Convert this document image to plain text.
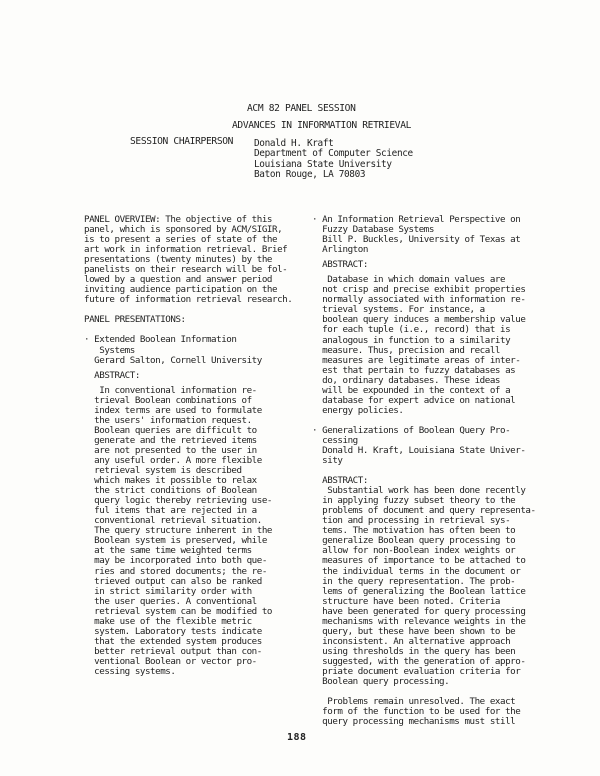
ACM 82 PANEL SESSION
ADVANCES IN INFORMATION RETRIEVAL
SESSION CHAIRPERSON Donald H. Kraft
Department of Computer Science
Louisiana State University
Baton Rouge, LA 70803
PANEL OVERVIEW: The objective of this
panel, which is sponsored by ACM/SIGIR,
is to present a series of state of the
art work in information retrieval. Brief
presentations (twenty minutes) by the
panelists on their research will be fol-
lowed by a question and answer period
inviting audience participation on the
future of information retrieval research.
PANEL PRESENTATIONS:
· Extended Boolean Information
Systems
Gerard Salton, Cornell University
ABSTRACT:
In conventional information re-
trieval Boolean combinations of
index terms are used to formulate
the users' information request.
Boolean queries are difficult to
generate and the retrieved items
are not presented to the user in
any useful order. A more flexible
retrieval system is described
which makes it possible to relax
the strict conditions of Boolean
query logic thereby retrieving use-
ful items that are rejected in a
conventional retrieval situation.
The query structure inherent in the
Boolean system is preserved, while
at the same time weighted terms
may be incorporated into both que-
ries and stored documents; the re-
trieved output can also be ranked
in strict similarity order with
the user queries. A conventional
retrieval system can be modified to
make use of the flexible metric
system. Laboratory tests indicate
that the extended system produces
better retrieval output than con-
ventional Boolean or vector pro-
cessing systems.
· An Information Retrieval Perspective on
Fuzzy Database Systems
Bill P. Buckles, University of Texas at
Arlington
ABSTRACT:
Database in which domain values are
not crisp and precise exhibit properties
normally associated with information re-
trieval systems. For instance, a
boolean query induces a membership value
for each tuple (i.e., record) that is
analogous in function to a similarity
measure. Thus, precision and recall
measures are legitimate areas of inter-
est that pertain to fuzzy databases as
do, ordinary databases. These ideas
will be expounded in the context of a
database for expert advice on national
energy policies.
· Generalizations of Boolean Query Pro-
cessing
Donald H. Kraft, Louisiana State Univer-
sity
ABSTRACT:
Substantial work has been done recently
in applying fuzzy subset theory to the
problems of document and query representa-
tion and processing in retrieval sys-
tems. The motivation has often been to
generalize Boolean query processing to
allow for non-Boolean index weights or
measures of importance to be attached to
the individual terms in the document or
in the query representation. The prob-
lems of generalizing the Boolean lattice
structure have been noted. Criteria
have been generated for query processing
mechanisms with relevance weights in the
query, but these have been shown to be
inconsistent. An alternative approach
using thresholds in the query has been
suggested, with the generation of appro-
priate document evaluation criteria for
Boolean query processing.
Problems remain unresolved. The exact
form of the function to be used for the
query processing mechanisms must still
188
